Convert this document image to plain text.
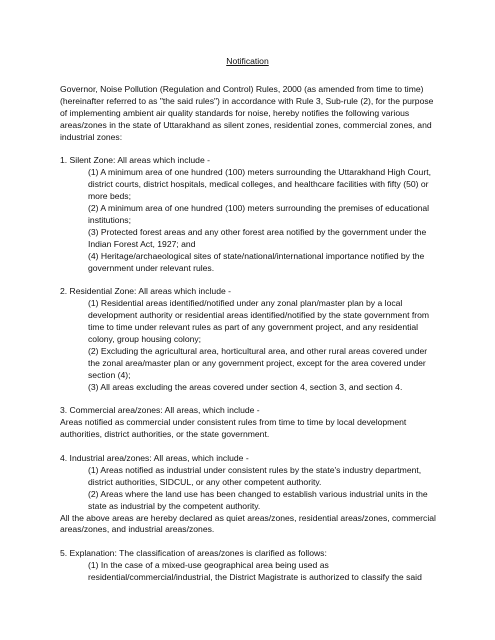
Notification

Governor, Noise Pollution (Regulation and Control) Rules, 2000 (as amended from time to time) (hereinafter referred to as "the said rules") in accordance with Rule 3, Sub-rule (2), for the purpose of implementing ambient air quality standards for noise, hereby notifies the following various areas/zones in the state of Uttarakhand as silent zones, residential zones, commercial zones, and industrial zones:

1. Silent Zone: All areas which include -

(1) A minimum area of one hundred (100) meters surrounding the Uttarakhand High Court, district courts, district hospitals, medical colleges, and healthcare facilities with fifty (50) or more beds;

(2) A minimum area of one hundred (100) meters surrounding the premises of educational institutions;

(3) Protected forest areas and any other forest area notified by the government under the Indian Forest Act, 1927; and

(4) Heritage/archaeological sites of state/national/international importance notified by the government under relevant rules.

2. Residential Zone: All areas which include -

(1) Residential areas identified/notified under any zonal plan/master plan by a local development authority or residential areas identified/notified by the state government from time to time under relevant rules as part of any government project, and any residential colony, group housing colony;

(2) Excluding the agricultural area, horticultural area, and other rural areas covered under the zonal area/master plan or any government project, except for the area covered under section (4);

(3) All areas excluding the areas covered under section 4, section 3, and section 4.

3. Commercial area/zones: All areas, which include -

Areas notified as commercial under consistent rules from time to time by local development authorities, district authorities, or the state government.

4. Industrial area/zones: All areas, which include -

(1) Areas notified as industrial under consistent rules by the state's industry department, district authorities, SIDCUL, or any other competent authority.

(2) Areas where the land use has been changed to establish various industrial units in the state as industrial by the competent authority.

All the above areas are hereby declared as quiet areas/zones, residential areas/zones, commercial areas/zones, and industrial areas/zones.

5. Explanation: The classification of areas/zones is clarified as follows:

(1) In the case of a mixed-use geographical area being used as residential/commercial/industrial, the District Magistrate is authorized to classify the said
